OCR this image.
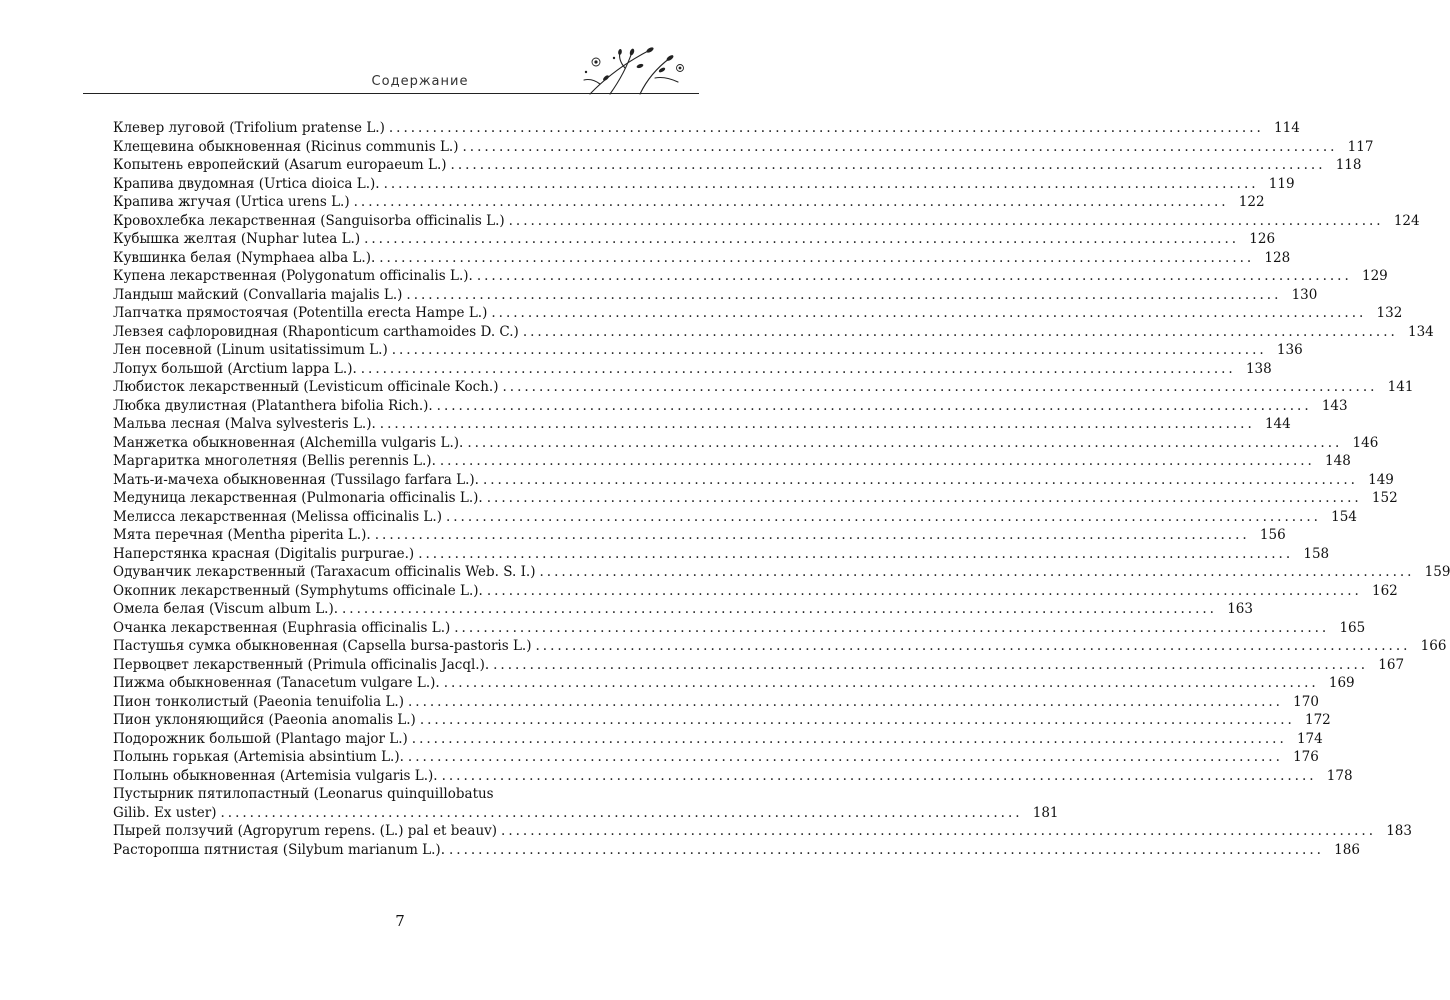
Содержание
Клевер луговой (Trifolium pratense L.) ........................................................................................................................ 114
Клещевина обыкновенная (Ricinus communis L.) ........................................................................................................................ 117
Копытень европейский (Asarum europaeum L.) ........................................................................................................................ 118
Крапива двудомная (Urtica dioica L.). ........................................................................................................................ 119
Крапива жгучая (Urtica urens L.) ........................................................................................................................ 122
Кровохлебка лекарственная (Sanguisorba officinalis L.) ........................................................................................................................ 124
Кубышка желтая (Nuphar lutea L.) ........................................................................................................................ 126
Кувшинка белая (Nymphaea alba L.). ........................................................................................................................ 128
Купена лекарственная (Polygonatum officinalis L.). ........................................................................................................................ 129
Ландыш майский (Convallaria majalis L.) ........................................................................................................................ 130
Лапчатка прямостоячая (Potentilla erecta Hampe L.) ........................................................................................................................ 132
Левзея сафлоровидная (Rhaponticum carthamoides D. C.) ........................................................................................................................ 134
Лен посевной (Linum usitatissimum L.) ........................................................................................................................ 136
Лопух большой (Arctium lappa L.). ........................................................................................................................ 138
Любисток лекарственный (Levisticum officinale Koch.) ........................................................................................................................ 141
Любка двулистная (Platanthera bifolia Rich.). ........................................................................................................................ 143
Мальва лесная (Malva sylvesteris L.). ........................................................................................................................ 144
Манжетка обыкновенная (Alchemilla vulgaris L.). ........................................................................................................................ 146
Маргаритка многолетняя (Bellis perennis L.). ........................................................................................................................ 148
Мать-и-мачеха обыкновенная (Tussilago farfara L.). ........................................................................................................................ 149
Медуница лекарственная (Pulmonaria officinalis L.). ........................................................................................................................ 152
Мелисса лекарственная (Melissa officinalis L.) ........................................................................................................................ 154
Мята перечная (Mentha piperita L.). ........................................................................................................................ 156
Наперстянка красная (Digitalis purpurae.) ........................................................................................................................ 158
Одуванчик лекарственный (Taraxacum officinalis Web. S. I.) ........................................................................................................................ 159
Окопник лекарственный (Symphytums officinale L.). ........................................................................................................................ 162
Омела белая (Viscum album L.). ........................................................................................................................ 163
Очанка лекарственная (Euphrasia officinalis L.) ........................................................................................................................ 165
Пастушья сумка обыкновенная (Capsella bursa-pastoris L.) ........................................................................................................................ 166
Первоцвет лекарственный (Primula officinalis Jacql.). ........................................................................................................................ 167
Пижма обыкновенная (Tanacetum vulgare L.). ........................................................................................................................ 169
Пион тонколистый (Paeonia tenuifolia L.) ........................................................................................................................ 170
Пион уклоняющийся (Paeonia anomalis L.) ........................................................................................................................ 172
Подорожник большой (Plantago major L.) ........................................................................................................................ 174
Полынь горькая (Artemisia absintium L.). ........................................................................................................................ 176
Полынь обыкновенная (Artemisia vulgaris L.). ........................................................................................................................ 178
Пустырник пятилопастный (Leonarus quinquillobatus
Gilib. Ex uster) .............................................................................................................. 181
Пырей ползучий (Agropyrum repens. (L.) pal et beauv) ........................................................................................................................ 183
Расторопша пятнистая (Silybum marianum L.). ........................................................................................................................ 186
7
